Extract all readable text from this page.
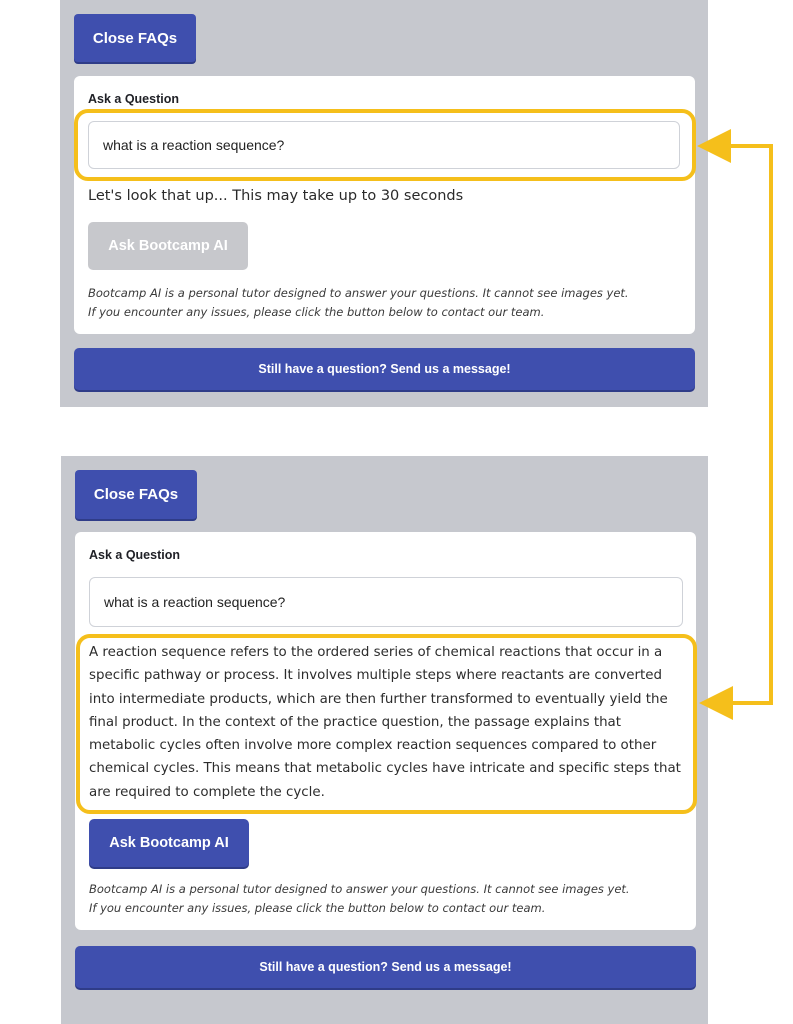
Close FAQs
Ask a Question
what is a reaction sequence?
Let's look that up... This may take up to 30 seconds
Ask Bootcamp AI
Bootcamp AI is a personal tutor designed to answer your questions. It cannot see images yet.
If you encounter any issues, please click the button below to contact our team.
Still have a question? Send us a message!
Close FAQs
Ask a Question
what is a reaction sequence?
A reaction sequence refers to the ordered series of chemical reactions that occur in a
specific pathway or process. It involves multiple steps where reactants are converted
into intermediate products, which are then further transformed to eventually yield the
final product. In the context of the practice question, the passage explains that
metabolic cycles often involve more complex reaction sequences compared to other
chemical cycles. This means that metabolic cycles have intricate and specific steps that
are required to complete the cycle.
Ask Bootcamp AI
Bootcamp AI is a personal tutor designed to answer your questions. It cannot see images yet.
If you encounter any issues, please click the button below to contact our team.
Still have a question? Send us a message!
